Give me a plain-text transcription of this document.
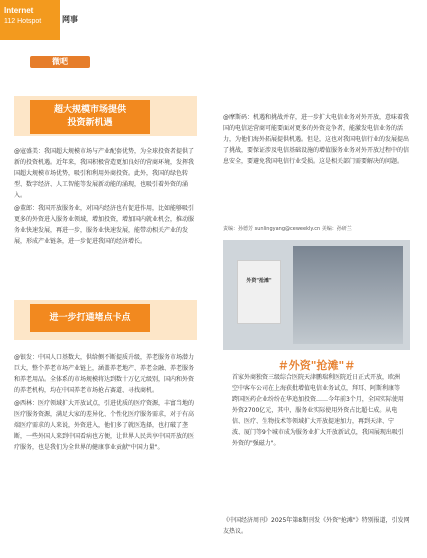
Internet
112 Hotspot	网事
微吧
超大规模市场提供
投资新机遇

@寇盛美：我国超大规模市场与产业配套优势，为全球投资者提供了新的投资机遇。近年来，我国积极营造更加良好的营商环境，发挥我国超大规模市场优势，吸引和利用外商投资。此外，我国的绿色转型、数字经济、人工智能等发展新动能的涌现，也吸引着外资的涌入。

@董郎：我国开放服务业，对国内经济也有促进作用，比如能够吸引更多的外资进入服务业领域，增加投资，增加国内就业机会，推动服务业快速发展，再进一步，服务业快速发展，能带动相关产业的发展，形成产业链条，进一步促进我国的经济增长。

进一步打通堵点卡点

@银发：中国人口基数大，供给侧不断提质升级，养老服务市场潜力巨大，整个养老市场产业链上，涵盖养老地产、养老金融、养老服务和养老用品。全体系的市场规模将达到数十万亿元级别，国内和外资的养老机构，均在中国养老市场抢占赛道、寻找商机。

@西林：医疗领域扩大开放试点，引进优质的医疗资源，丰富当地的医疗服务资源，满足大家的差异化、个性化医疗服务需求，对于有高端医疗需求的人来说，外资进入，他们多了就医选择，也打破了垄断，一些外国人来到中国看病也方便，让世界人民共享中国开放的医疗服务，也是我们为全世界的健康事业贡献"中国力量"。

@摩斯码：机遇和挑战并存，进一步扩大电信业务对外开放，意味着我国的电信运营商可能要面对更多的外资竞争者，能激发电信业务的活力，为他们海外拓展提供机遇。但是，这也对我国电信行业的发展提出了挑战，要保证涉及电信基础设施的增值服务业务对外开放过程中的信息安全，要避免我国电信行业受损。这是相关部门需要解决的问题。
责编：孙德芳 sunlingyang@ceweekly.cn 美编：孙研兰
外资"抢滩"
＃外资"抢滩"＃

首家外商独资三级综合医院天津鹏瑞利医院近日正式开放，欧洲空中客车公司在上海获批增值电信业务试点，拜耳、阿斯利康等跨国医药企业纷纷在华追加投资……今年前3个月，全国实际使用外资2700亿元，其中，服务业实际使用外资占比超七成。从电信、医疗、生物技术等领域扩大开放提速加力，再到天津、宁波、厦门等9个城市成为服务业扩大开放新试点，我国展现出吸引外资的"强磁力"。

《中国经济周刊》2025年第8期刊发《外资"抢滩"》特别报道，引发网友热议。
